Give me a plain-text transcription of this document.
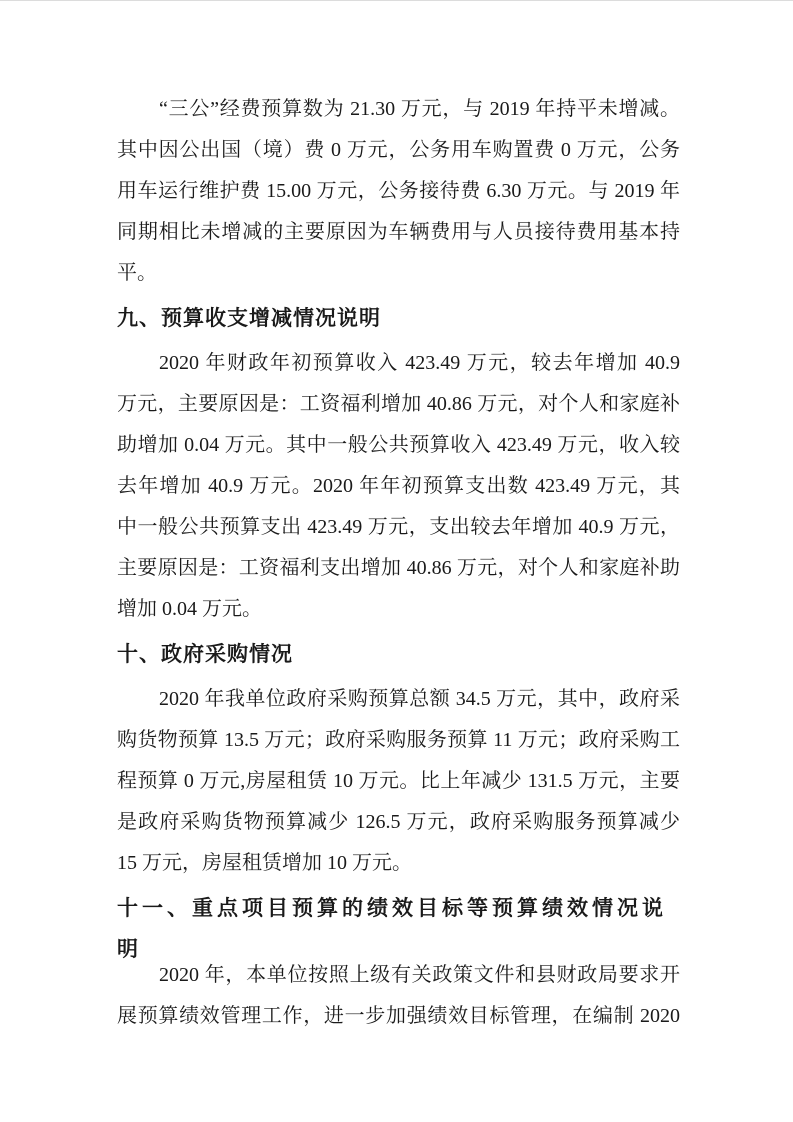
“三公”经费预算数为 21.30 万元，与 2019 年持平未增减。
其中因公出国（境）费 0 万元，公务用车购置费 0 万元，公务
用车运行维护费 15.00 万元，公务接待费 6.30 万元。与 2019 年
同期相比未增减的主要原因为车辆费用与人员接待费用基本持
平。
九、预算收支增减情况说明
2020 年财政年初预算收入 423.49 万元，较去年增加 40.9
万元，主要原因是：工资福利增加 40.86 万元，对个人和家庭补
助增加 0.04 万元。其中一般公共预算收入 423.49 万元，收入较
去年增加 40.9 万元。2020 年年初预算支出数 423.49 万元，其
中一般公共预算支出 423.49 万元，支出较去年增加 40.9 万元，
主要原因是：工资福利支出增加 40.86 万元，对个人和家庭补助
增加 0.04 万元。
十、政府采购情况
2020 年我单位政府采购预算总额 34.5 万元，其中，政府采
购货物预算 13.5 万元；政府采购服务预算 11 万元；政府采购工
程预算 0 万元,房屋租赁 10 万元。比上年减少 131.5 万元，主要
是政府采购货物预算减少 126.5 万元，政府采购服务预算减少
15 万元，房屋租赁增加 10 万元。
十一、重点项目预算的绩效目标等预算绩效情况说明
2020 年，本单位按照上级有关政策文件和县财政局要求开
展预算绩效管理工作，进一步加强绩效目标管理，在编制 2020
